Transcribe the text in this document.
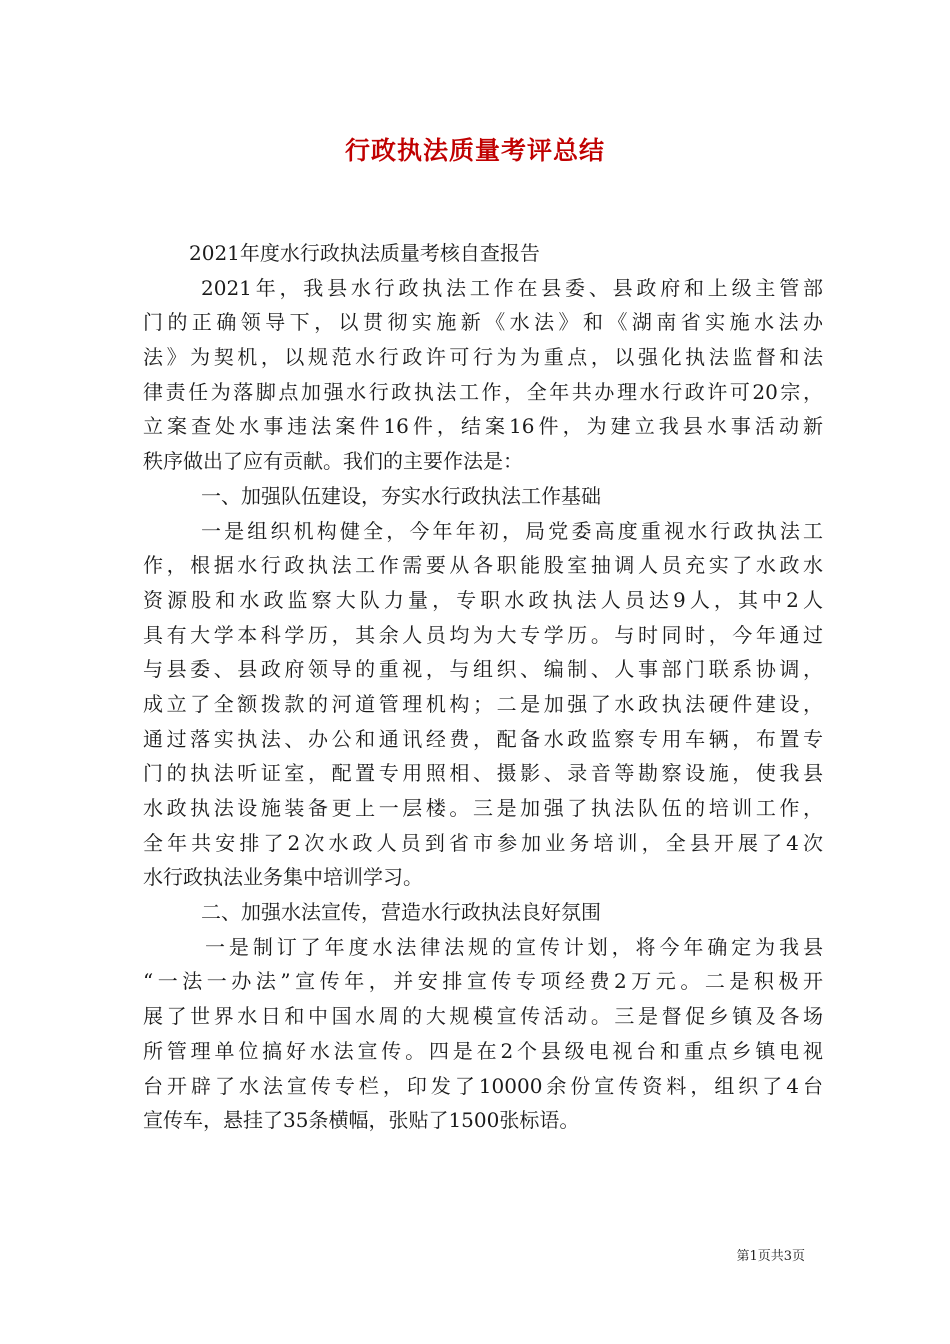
行政执法质量考评总结
2021年度水行政执法质量考核自查报告
2021年，我县水行政执法工作在县委、县政府和上级主管部
门的正确领导下，以贯彻实施新《水法》和《湖南省实施水法办
法》为契机，以规范水行政许可行为为重点，以强化执法监督和法
律责任为落脚点加强水行政执法工作，全年共办理水行政许可20宗，
立案查处水事违法案件16件，结案16件，为建立我县水事活动新
秩序做出了应有贡献。我们的主要作法是：
一、加强队伍建设，夯实水行政执法工作基础
一是组织机构健全，今年年初，局党委高度重视水行政执法工
作，根据水行政执法工作需要从各职能股室抽调人员充实了水政水
资源股和水政监察大队力量，专职水政执法人员达9人，其中2人
具有大学本科学历，其余人员均为大专学历。与时同时，今年通过
与县委、县政府领导的重视，与组织、编制、人事部门联系协调，
成立了全额拨款的河道管理机构；二是加强了水政执法硬件建设，
通过落实执法、办公和通讯经费，配备水政监察专用车辆，布置专
门的执法听证室，配置专用照相、摄影、录音等勘察设施，使我县
水政执法设施装备更上一层楼。三是加强了执法队伍的培训工作，
全年共安排了2次水政人员到省市参加业务培训，全县开展了4次
水行政执法业务集中培训学习。
二、加强水法宣传，营造水行政执法良好氛围
一是制订了年度水法律法规的宣传计划，将今年确定为我县
“一法一办法”宣传年，并安排宣传专项经费2万元。二是积极开
展了世界水日和中国水周的大规模宣传活动。三是督促乡镇及各场
所管理单位搞好水法宣传。四是在2个县级电视台和重点乡镇电视
台开辟了水法宣传专栏，印发了10000余份宣传资料，组织了4台
宣传车，悬挂了35条横幅，张贴了1500张标语。
第1页共3页
